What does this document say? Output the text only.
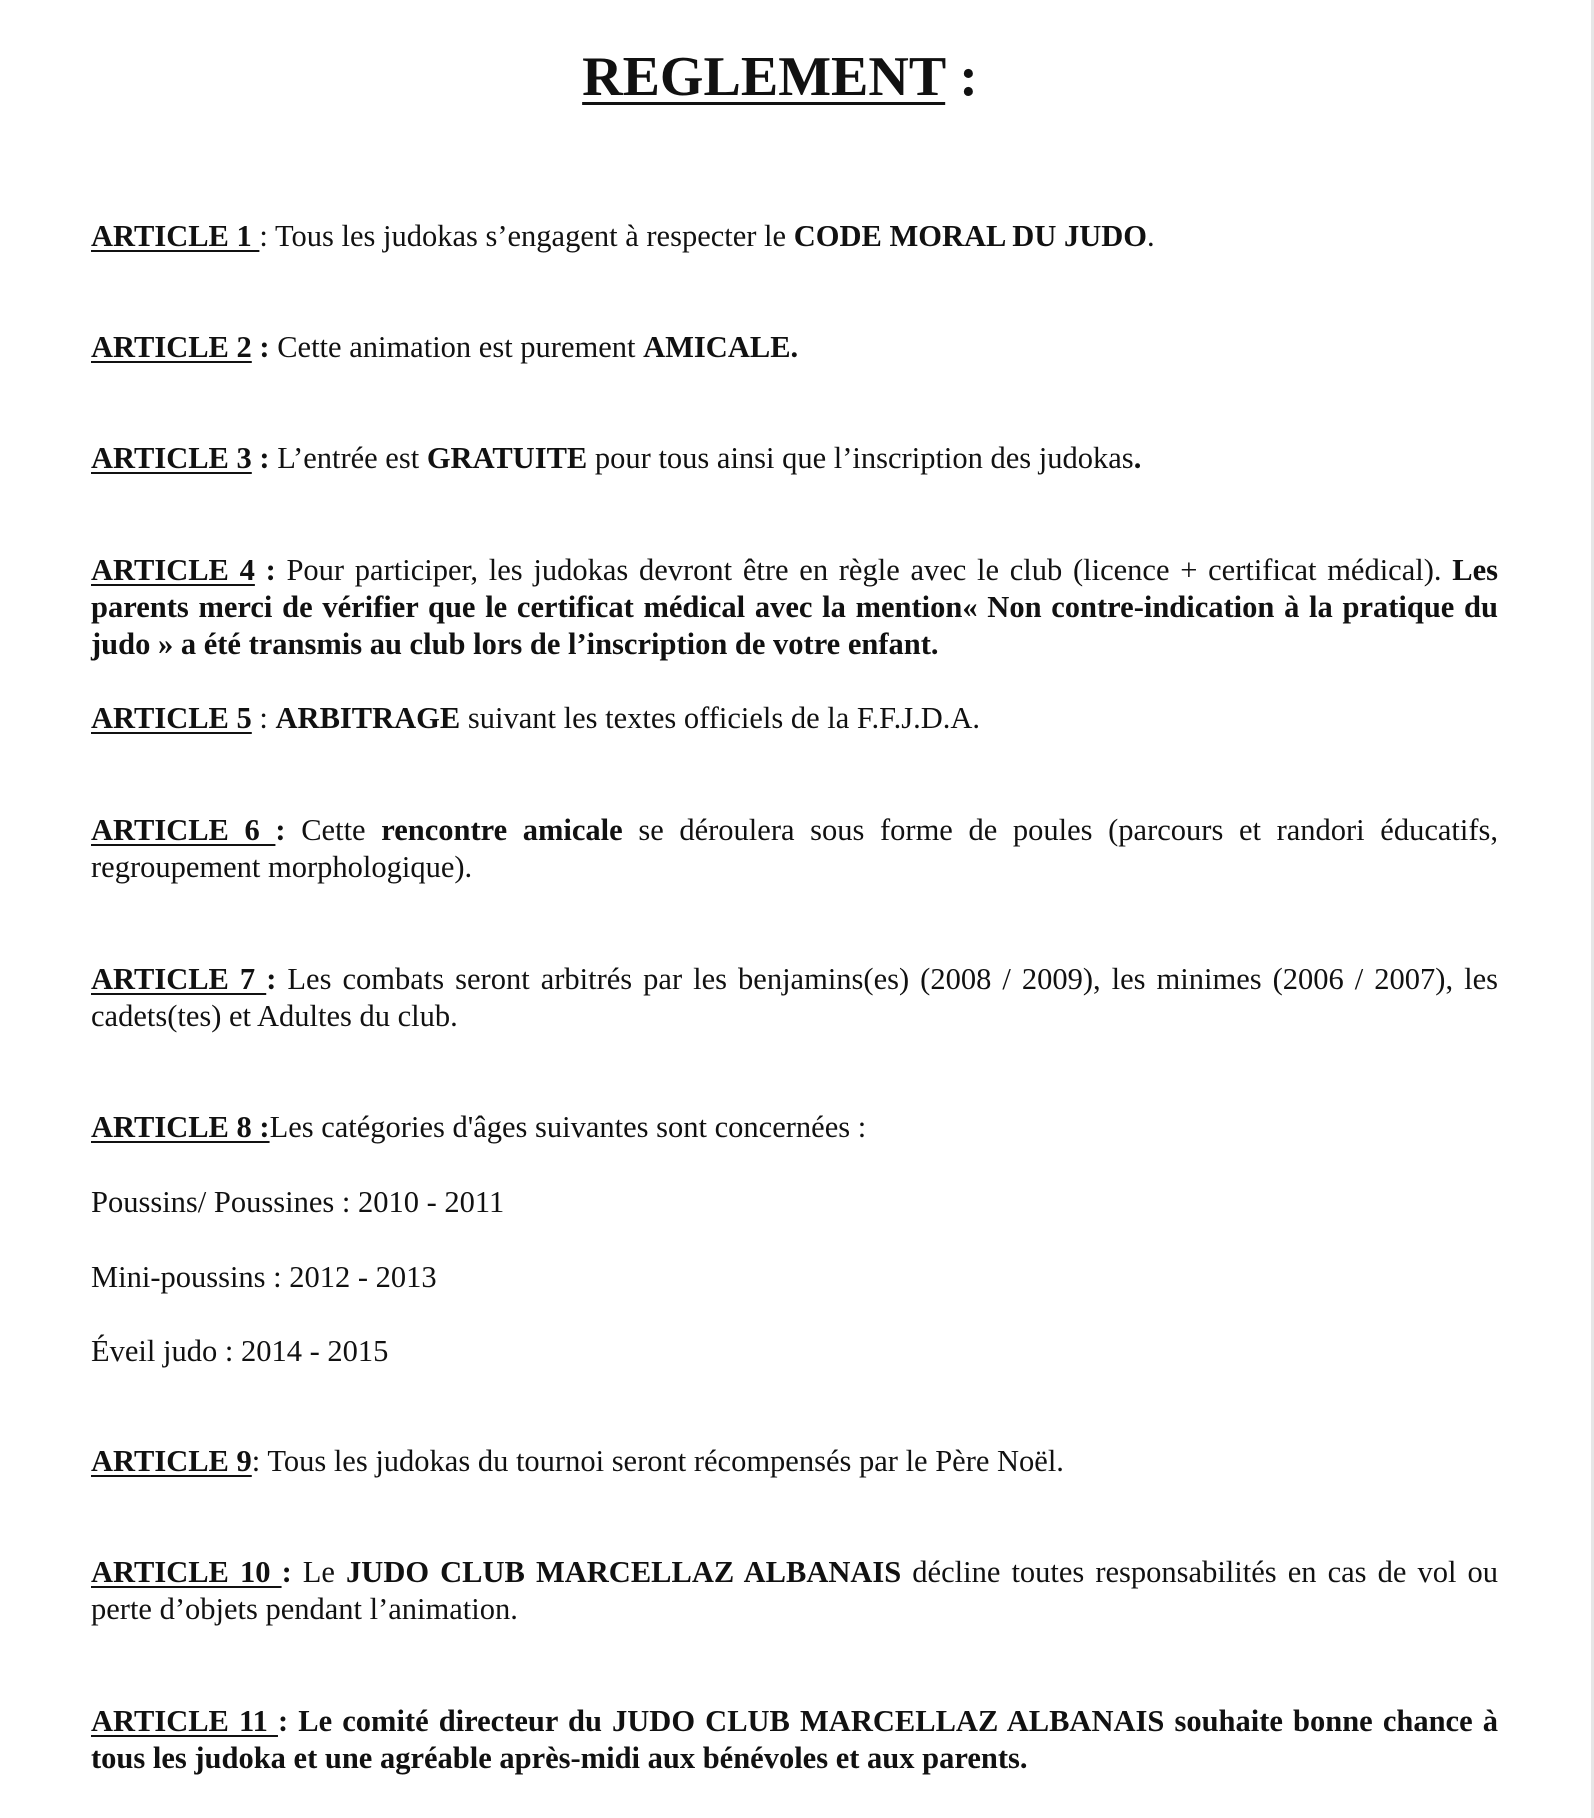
REGLEMENT :

ARTICLE 1 : Tous les judokas s’engagent à respecter le CODE MORAL DU JUDO.

ARTICLE 2 : Cette animation est purement AMICALE.

ARTICLE 3 : L’entrée est GRATUITE pour tous ainsi que l’inscription des judokas.

ARTICLE 4 : Pour participer, les judokas devront être en règle avec le club (licence + certificat médical). Les parents merci de vérifier que le certificat médical avec la mention« Non contre-indication à la pratique du judo » a été transmis au club lors de l’inscription de votre enfant.

ARTICLE 5 : ARBITRAGE suivant les textes officiels de la F.F.J.D.A.

ARTICLE 6 : Cette rencontre amicale se déroulera sous forme de poules (parcours et randori éducatifs, regroupement morphologique).

ARTICLE 7 : Les combats seront arbitrés par les benjamins(es) (2008 / 2009), les minimes (2006 / 2007), les cadets(tes) et Adultes du club.

ARTICLE 8 :Les catégories d'âges suivantes sont concernées :

Poussins/ Poussines : 2010 - 2011

Mini-poussins : 2012 - 2013

Éveil judo : 2014 - 2015

ARTICLE 9: Tous les judokas du tournoi seront récompensés par le Père Noël.

ARTICLE 10 : Le JUDO CLUB MARCELLAZ ALBANAIS décline toutes responsabilités en cas de vol ou perte d’objets pendant l’animation.

ARTICLE 11 : Le comité directeur du JUDO CLUB MARCELLAZ ALBANAIS souhaite bonne chance à tous les judoka et une agréable après-midi aux bénévoles et aux parents.
